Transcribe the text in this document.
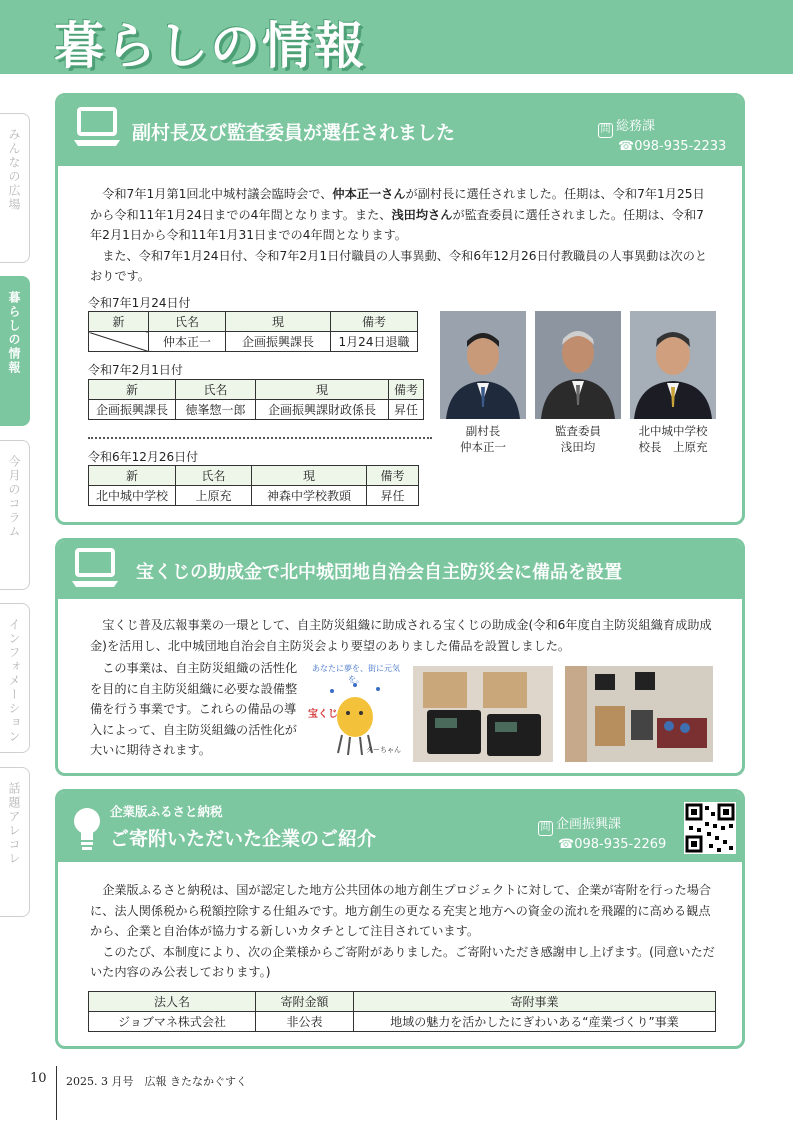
暮らしの情報
みんなの広場
暮らしの情報
今月のコラム
インフォメーション
話題アレコレ
副村長及び監査委員が選任されました	問 総務課
☎098-935-2233

令和7年1月第1回北中城村議会臨時会で、仲本正一さんが副村長に選任されました。任期は、令和7年1月25日から令和11年1月24日までの4年間となります。また、浅田均さんが監査委員に選任されました。任期は、令和7年2月1日から令和11年1月31日までの4年間となります。

また、令和7年1月24日付、令和7年2月1日付職員の人事異動、令和6年12月26日付教職員の人事異動は次のとおりです。

令和7年1月24日付
新	氏名	現	備考
	仲本正一	企画振興課長	1月24日退職
令和7年2月1日付
新	氏名	現	備考
企画振興課長	徳峯惣一郎	企画振興課財政係長	昇任
令和6年12月26日付
新	氏名	現	備考
北中城中学校	上原充	神森中学校教頭	昇任
副村長
仲本正一
監査委員
浅田均
北中城中学校
校長　上原充
宝くじの助成金で北中城団地自治会自主防災会に備品を設置

宝くじ普及広報事業の一環として、自主防災組織に助成される宝くじの助成金(令和6年度自主防災組織育成助成金)を活用し、北中城団地自治会自主防災会より要望のありました備品を設置しました。

この事業は、自主防災組織の活性化を目的に自主防災組織に必要な設備整備を行う事業です。これらの備品の導入によって、自主防災組織の活性化が大いに期待されます。

あなたに夢を、街に元気を。
宝くじ
ターちゃん
企業版ふるさと納税
ご寄附いただいた企業のご紹介
問 企画振興課
☎098-935-2269

企業版ふるさと納税は、国が認定した地方公共団体の地方創生プロジェクトに対して、企業が寄附を行った場合に、法人関係税から税額控除する仕組みです。地方創生の更なる充実と地方への資金の流れを飛躍的に高める観点から、企業と自治体が協力する新しいカタチとして注目されています。

このたび、本制度により、次の企業様からご寄附がありました。ご寄附いただき感謝申し上げます。(同意いただいた内容のみ公表しております。)

法人名	寄附金額	寄附事業
ジョブマネ株式会社	非公表	地域の魅力を活かしたにぎわいある“産業づくり”事業
10 2025. 3 月号　広報 きたなかぐすく
